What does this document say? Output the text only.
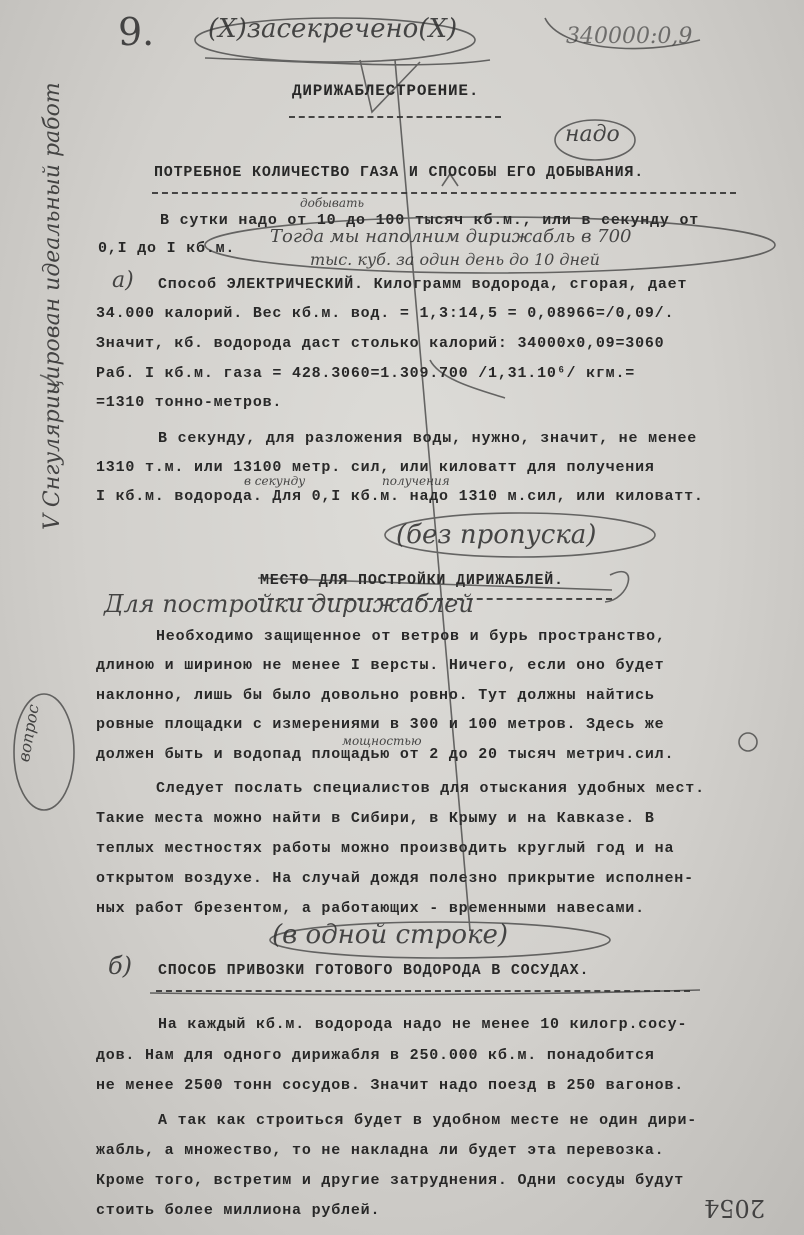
9. (X)засекречено(X)	340000:0,9
ДИРИЖАБЛЕСТРОЕНИЕ.
надо
ПОТРЕБНОЕ КОЛИЧЕСТВО ГАЗА И СПОСОБЫ ЕГО ДОБЫВАНИЯ.
добывать
В сутки надо от 10 до 100 тысяч кб.м., или в секунду от
0,I до I кб.м.
Тогда мы наполним дирижабль в 700
тыс. куб. за один день до 10 дней
а) Способ ЭЛЕКТРИЧЕСКИЙ. Килограмм водорода, сгорая, дает
34.000 калорий. Вес кб.м. вод. = 1,3:14,5 = 0,08966=/0,09/.
Значит, кб. водорода даст столько калорий: 34000x0,09=3060
Раб. I кб.м. газа = 428.3060=1.309.700 /1,31.10⁶/ кгм.=
=1310 тонно-метров.
В секунду, для разложения воды, нужно, значит, не менее
1310 т.м. или 13100 метр. сил, или киловатт для получения
в секунду	получения
I кб.м. водорода. Для 0,I кб.м. надо 1310 м.сил, или киловатт.
(без пропуска)
МЕСТО ДЛЯ ПОСТРОЙКИ ДИРИЖАБЛЕЙ.
Для постройки дирижаблей
Необходимо защищенное от ветров и бурь пространство,
длиною и шириною не менее I версты. Ничего, если оно будет
наклонно, лишь бы было довольно ровно. Тут должны найтись
ровные площадки с измерениями в 300 и 100 метров. Здесь же
мощностью
должен быть и водопад площадью от 2 до 20 тысяч метрич.сил.
Следует послать специалистов для отыскания удобных мест.
Такие места можно найти в Сибири, в Крыму и на Кавказе. В
теплых местностях работы можно производить круглый год и на
открытом воздухе. На случай дождя полезно прикрытие исполнен-
ных работ брезентом, а работающих - временными навесами.
вопрос
(в одной строке)
б) СПОСОБ ПРИВОЗКИ ГОТОВОГО ВОДОРОДА В СОСУДАХ.
На каждый кб.м. водорода надо не менее 10 килогр.сосу-
дов. Нам для одного дирижабля в 250.000 кб.м. понадобится
не менее 2500 тонн сосудов. Значит надо поезд в 250 вагонов.
А так как строиться будет в удобном месте не один дири-
жабль, а множество, то не накладна ли будет эта перевозка.
Кроме того, встретим и другие затруднения. Одни сосуды будут
стоить более миллиона рублей.
V Снгулярицирован идеальный работ
2054
